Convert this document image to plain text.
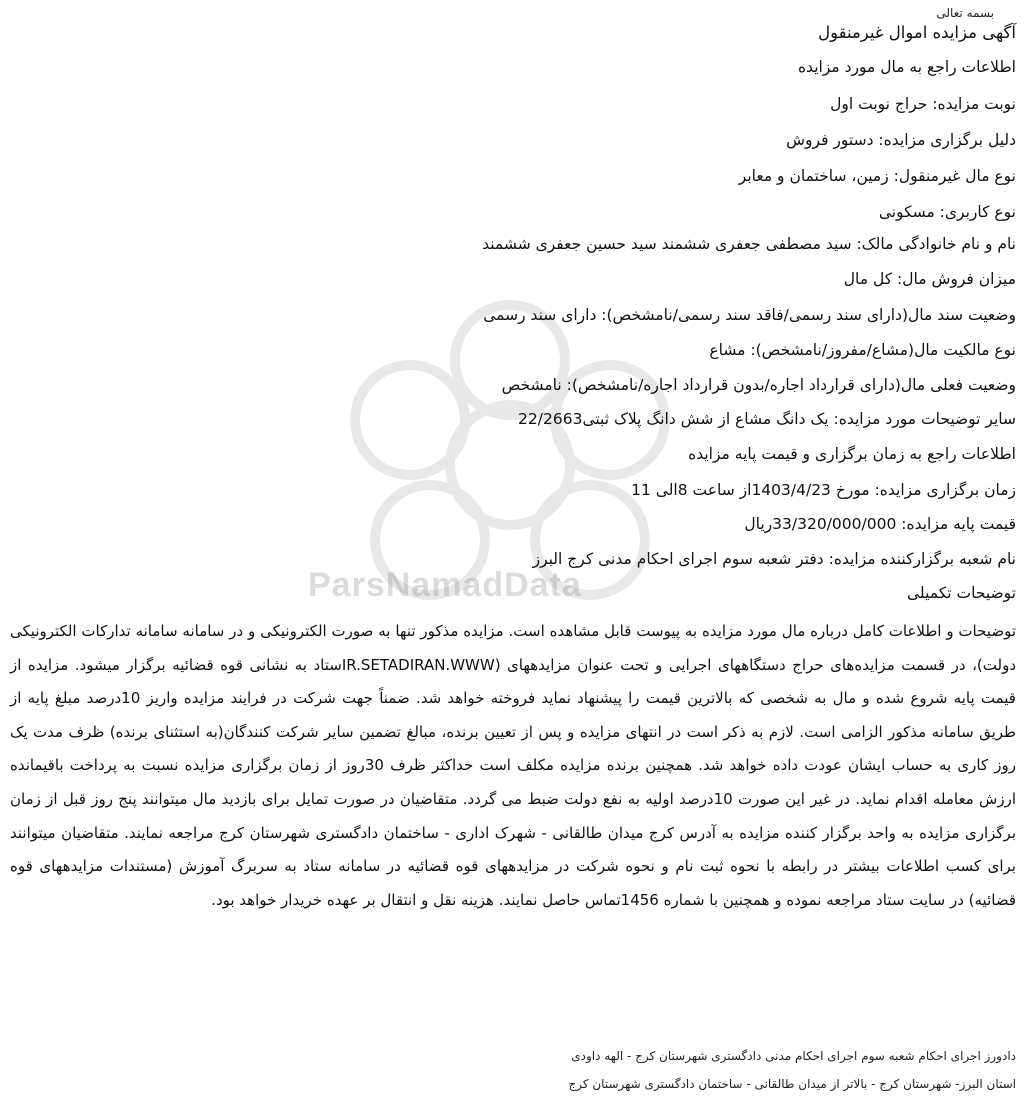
ParsNamadData
بسمه تعالی
آگهی مزایده اموال غیرمنقول
اطلاعات راجع به مال مورد مزایده
نوبت مزایده: حراج نوبت اول
دلیل برگزاری مزایده: دستور فروش
نوع مال غیرمنقول: زمین، ساختمان و معابر
نوع کاربری: مسکونی
نام و نام خانوادگی مالک: سید مصطفی جعفری ششمند سید حسین جعفری ششمند
میزان فروش مال: کل مال
وضعیت سند مال(دارای سند رسمی/فاقد سند رسمی/نامشخص): دارای سند رسمی
نوع مالکیت مال(مشاع/مفروز/نامشخص): مشاع
وضعیت فعلی مال(دارای قرارداد اجاره/بدون قرارداد اجاره/نامشخص): نامشخص
سایر توضیحات مورد مزایده: یک دانگ مشاع از شش دانگ پلاک ثبتی22/2663
اطلاعات راجع به زمان برگزاری و قیمت پایه مزایده
زمان برگزاری مزایده: مورخ 1403/4/23از ساعت 8الی 11
قیمت پایه مزایده: 33/320/000/000ریال
نام شعبه برگزارکننده مزایده: دفتر شعبه سوم اجرای احکام مدنی کرج البرز
توضیحات تکمیلی
توضیحات و اطلاعات کامل درباره مال مورد مزایده به پیوست قابل مشاهده است. مزایده مذکور تنها به صورت الکترونیکی و در سامانه سامانه تدارکات الکترونیکی دولت)، در قسمت مزایده‌های حراج دستگاههای اجرایی و تحت عنوان مزایدههای (IR.SETADIRAN.WWWستاد به نشانی قوه قضائیه برگزار میشود. مزایده از قیمت پایه شروع شده و مال به شخصی که بالاترین قیمت را پیشنهاد نماید فروخته خواهد شد. ضمناً جهت شرکت در فرایند مزایده واریز 10درصد مبلغ پایه از طریق سامانه مذکور الزامی است. لازم به ذکر است در انتهای مزایده و پس از تعیین برنده، مبالغ تضمین سایر شرکت کنندگان(به استثنای برنده) ظرف مدت یک روز کاری به حساب ایشان عودت داده خواهد شد. همچنین برنده مزایده مکلف است حداکثر ظرف 30روز از زمان برگزاری مزایده نسبت به پرداخت باقیمانده ارزش معامله اقدام نماید. در غیر این صورت 10درصد اولیه به نفع دولت ضبط می گردد. متقاضیان در صورت تمایل برای بازدید مال میتوانند پنج روز قبل از زمان برگزاری مزایده به واحد برگزار کننده مزایده به آدرس کرج میدان طالقانی - شهرک اداری - ساختمان دادگستری شهرستان کرج مراجعه نمایند. متقاضیان میتوانند برای کسب اطلاعات بیشتر در رابطه با نحوه ثبت نام و نحوه شرکت در مزایدههای قوه قضائیه در سامانه ستاد به سربرگ آموزش (مستندات مزایدههای قوه قضائیه) در سایت ستاد مراجعه نموده و همچنین با شماره 1456تماس حاصل نمایند. هزینه نقل و انتقال بر عهده خریدار خواهد بود.
دادورز اجرای احکام شعبه سوم اجرای احکام مدنی دادگستری شهرستان کرج - الهه داودی
استان البرز- شهرستان کرج - بالاتر از میدان طالقانی - ساختمان دادگستری شهرستان کرج
